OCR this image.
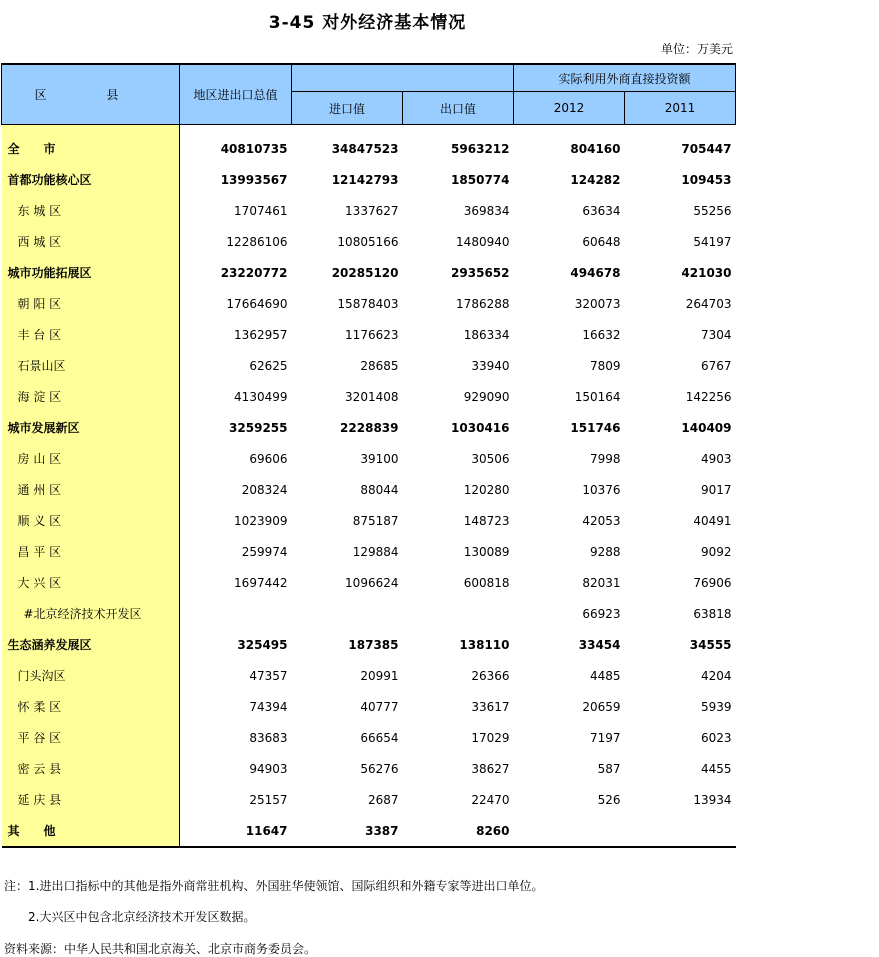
3-45 对外经济基本情况
单位：万美元
区 县	地区进出口总值			实际利用外商直接投资额	
		进口值	出口值	2012	2011

全　　市	40810735	34847523	5963212	804160	705447
首都功能核心区	13993567	12142793	1850774	124282	109453
东 城 区	1707461	1337627	369834	63634	55256
西 城 区	12286106	10805166	1480940	60648	54197
城市功能拓展区	23220772	20285120	2935652	494678	421030
朝 阳 区	17664690	15878403	1786288	320073	264703
丰 台 区	1362957	1176623	186334	16632	7304
石景山区	62625	28685	33940	7809	6767
海 淀 区	4130499	3201408	929090	150164	142256
城市发展新区	3259255	2228839	1030416	151746	140409
房 山 区	69606	39100	30506	7998	4903
通 州 区	208324	88044	120280	10376	9017
顺 义 区	1023909	875187	148723	42053	40491
昌 平 区	259974	129884	130089	9288	9092
大 兴 区	1697442	1096624	600818	82031	76906
#北京经济技术开发区				66923	63818
生态涵养发展区	325495	187385	138110	33454	34555
门头沟区	47357	20991	26366	4485	4204
怀 柔 区	74394	40777	33617	20659	5939
平 谷 区	83683	66654	17029	7197	6023
密 云 县	94903	56276	38627	587	4455
延 庆 县	25157	2687	22470	526	13934
其　　他	11647	3387	8260		
注：1.进出口指标中的其他是指外商常驻机构、外国驻华使领馆、国际组织和外籍专家等进出口单位。
2.大兴区中包含北京经济技术开发区数据。
资料来源：中华人民共和国北京海关、北京市商务委员会。
